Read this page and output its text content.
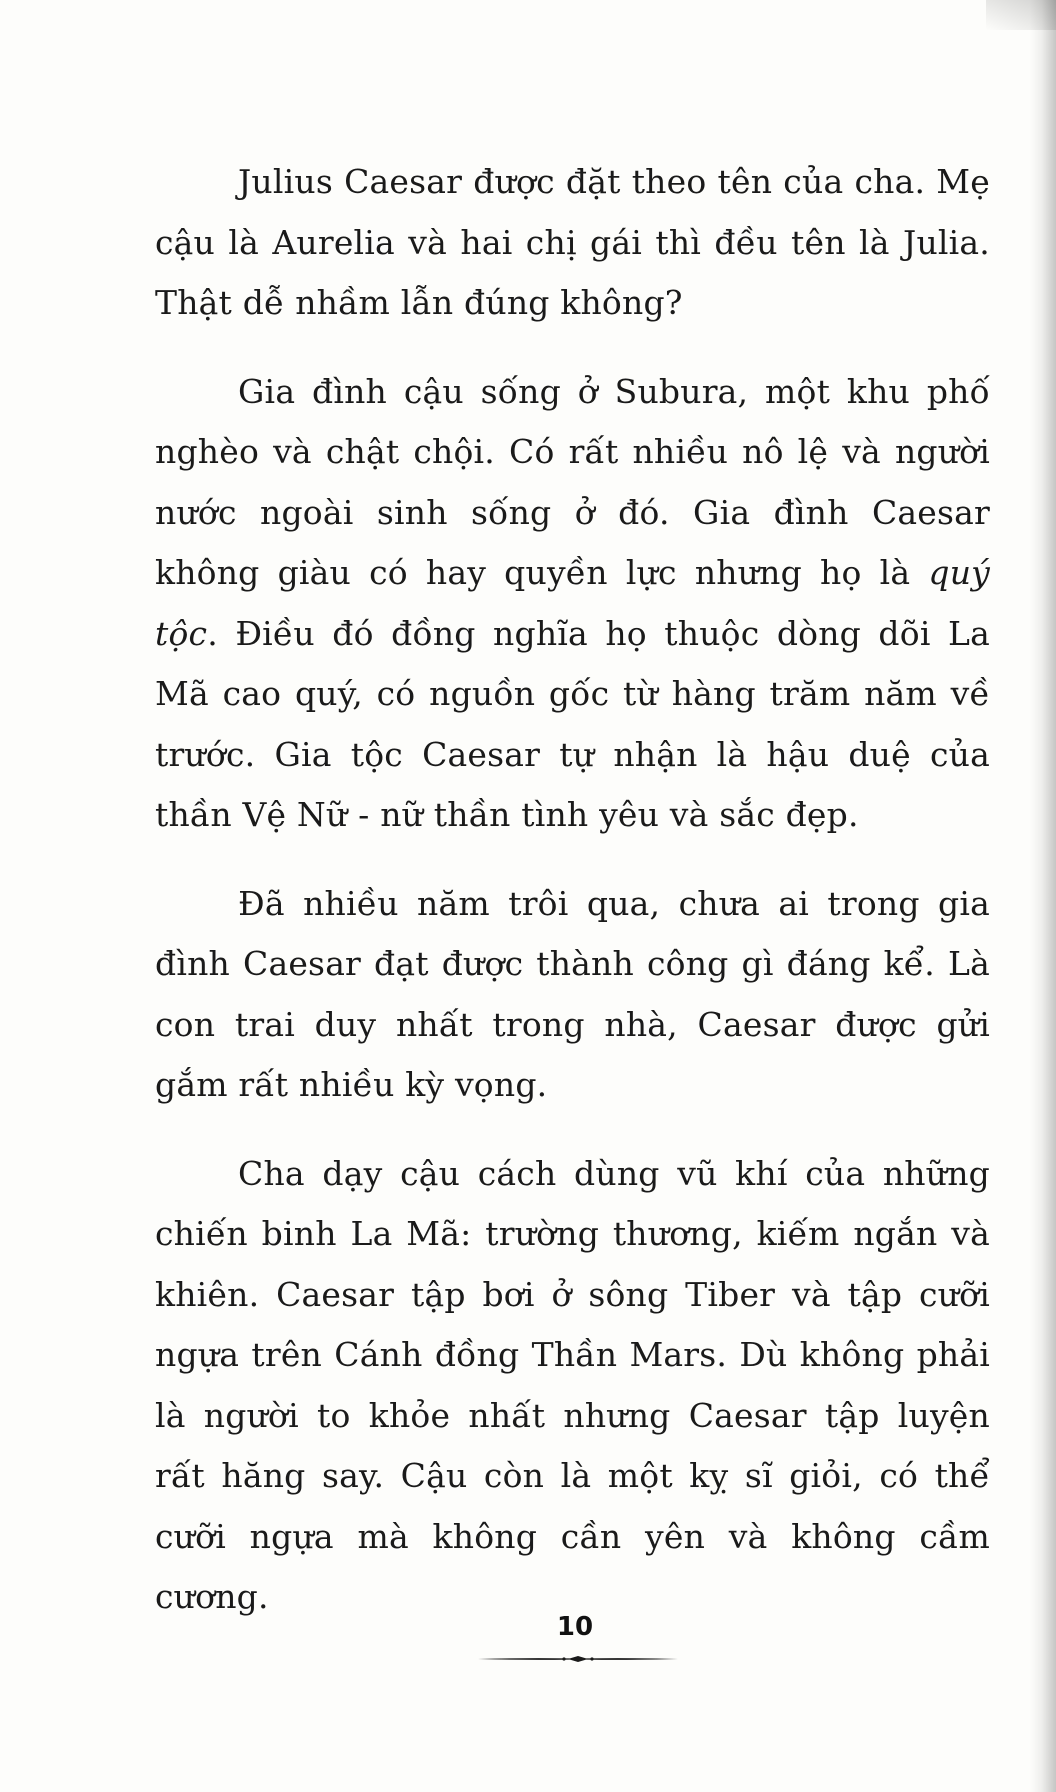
Julius Caesar được đặt theo tên của cha. Mẹ cậu là Aurelia và hai chị gái thì đều tên là Julia. Thật dễ nhầm lẫn đúng không?

Gia đình cậu sống ở Subura, một khu phố nghèo và chật chội. Có rất nhiều nô lệ và người nước ngoài sinh sống ở đó. Gia đình Caesar không giàu có hay quyền lực nhưng họ là quý tộc. Điều đó đồng nghĩa họ thuộc dòng dõi La Mã cao quý, có nguồn gốc từ hàng trăm năm về trước. Gia tộc Caesar tự nhận là hậu duệ của thần Vệ Nữ - nữ thần tình yêu và sắc đẹp.

Đã nhiều năm trôi qua, chưa ai trong gia đình Caesar đạt được thành công gì đáng kể. Là con trai duy nhất trong nhà, Caesar được gửi gắm rất nhiều kỳ vọng.

Cha dạy cậu cách dùng vũ khí của những chiến binh La Mã: trường thương, kiếm ngắn và khiên. Caesar tập bơi ở sông Tiber và tập cưỡi ngựa trên Cánh đồng Thần Mars. Dù không phải là người to khỏe nhất nhưng Caesar tập luyện rất hăng say. Cậu còn là một kỵ sĩ giỏi, có thể cưỡi ngựa mà không cần yên và không cầm cương.

10
